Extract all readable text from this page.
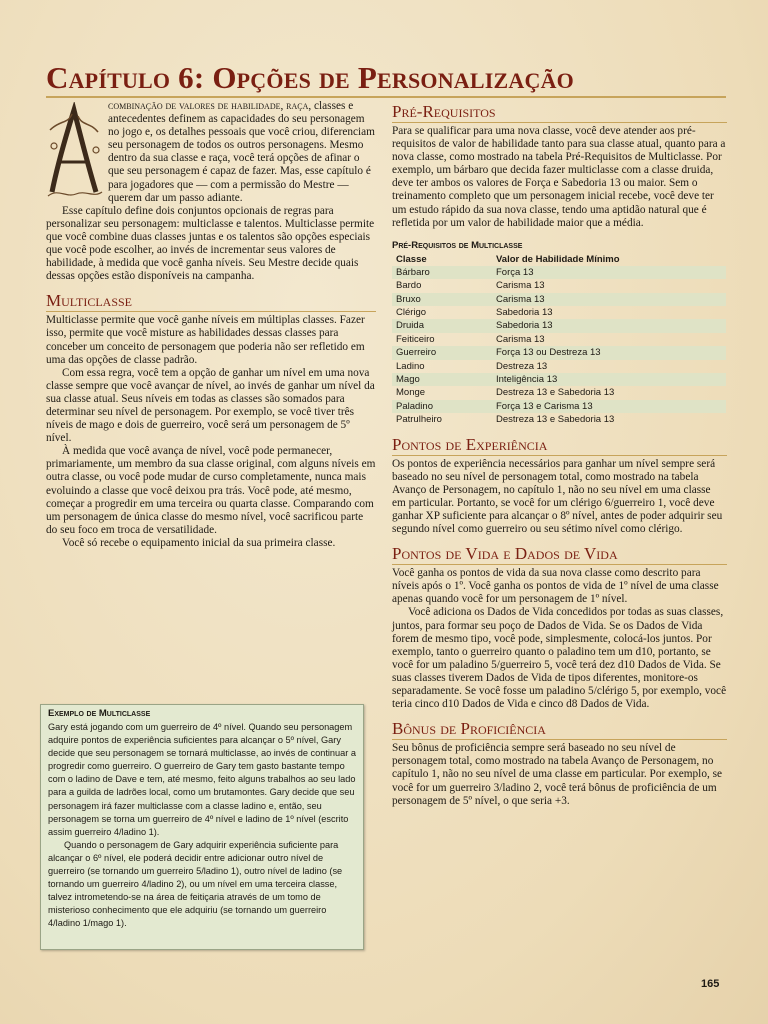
Capítulo 6: Opções de Personalização

combinação de valores de habilidade, raça, classes e antecedentes definem as capacidades do seu personagem no jogo e, os detalhes pessoais que você criou, diferenciam seu personagem de todos os outros personagens. Mesmo dentro da sua classe e raça, você terá opções de afinar o que seu personagem é capaz de fazer. Mas, esse capítulo é para jogadores que — com a permissão do Mestre — querem dar um passo adiante.

Esse capítulo define dois conjuntos opcionais de regras para personalizar seu personagem: multiclasse e talentos. Multiclasse permite que você combine duas classes juntas e os talentos são opções especiais que você pode escolher, ao invés de incrementar seus valores de habilidade, à medida que você ganha níveis. Seu Mestre decide quais dessas opções estão disponíveis na campanha.

Multiclasse

Multiclasse permite que você ganhe níveis em múltiplas classes. Fazer isso, permite que você misture as habilidades dessas classes para conceber um conceito de personagem que poderia não ser refletido em uma das opções de classe padrão.

Com essa regra, você tem a opção de ganhar um nível em uma nova classe sempre que você avançar de nível, ao invés de ganhar um nível da sua classe atual. Seus níveis em todas as classes são somados para determinar seu nível de personagem. Por exemplo, se você tiver três níveis de mago e dois de guerreiro, você será um personagem de 5º nível.

À medida que você avança de nível, você pode permanecer, primariamente, um membro da sua classe original, com alguns níveis em outra classe, ou você pode mudar de curso completamente, nunca mais evoluindo a classe que você deixou pra trás. Você pode, até mesmo, começar a progredir em uma terceira ou quarta classe. Comparando com um personagem de única classe do mesmo nível, você sacrificou parte do seu foco em troca de versatilidade.

Você só recebe o equipamento inicial da sua primeira classe.

Exemplo de Multiclasse

Gary está jogando com um guerreiro de 4º nível. Quando seu personagem adquire pontos de experiência suficientes para alcançar o 5º nível, Gary decide que seu personagem se tornará multiclasse, ao invés de continuar a progredir como guerreiro. O guerreiro de Gary tem gasto bastante tempo com o ladino de Dave e tem, até mesmo, feito alguns trabalhos ao seu lado para a guilda de ladrões local, como um brutamontes. Gary decide que seu personagem irá fazer multiclasse com a classe ladino e, então, seu personagem se torna um guerreiro de 4º nível e ladino de 1º nível (escrito assim guerreiro 4/ladino 1).

Quando o personagem de Gary adquirir experiência suficiente para alcançar o 6º nível, ele poderá decidir entre adicionar outro nível de guerreiro (se tornando um guerreiro 5/ladino 1), outro nível de ladino (se tornando um guerreiro 4/ladino 2), ou um nível em uma terceira classe, talvez intrometendo-se na área de feitiçaria através de um tomo de misterioso conhecimento que ele adquiriu (se tornando um guerreiro 4/ladino 1/mago 1).

Pré-Requisitos

Para se qualificar para uma nova classe, você deve atender aos pré-requisitos de valor de habilidade tanto para sua classe atual, quanto para a nova classe, como mostrado na tabela Pré-Requisitos de Multiclasse. Por exemplo, um bárbaro que decida fazer multiclasse com a classe druida, deve ter ambos os valores de Força e Sabedoria 13 ou maior. Sem o treinamento completo que um personagem inicial recebe, você deve ter um estudo rápido da sua nova classe, tendo uma aptidão natural que é refletida por um valor de habilidade maior que a média.

Pré-Requisitos de Multiclasse
Classe	Valor de Habilidade Mínimo
Bárbaro	Força 13
Bardo	Carisma 13
Bruxo	Carisma 13
Clérigo	Sabedoria 13
Druida	Sabedoria 13
Feiticeiro	Carisma 13
Guerreiro	Força 13 ou Destreza 13
Ladino	Destreza 13
Mago	Inteligência 13
Monge	Destreza 13 e Sabedoria 13
Paladino	Força 13 e Carisma 13
Patrulheiro	Destreza 13 e Sabedoria 13
Pontos de Experiência

Os pontos de experiência necessários para ganhar um nível sempre será baseado no seu nível de personagem total, como mostrado na tabela Avanço de Personagem, no capítulo 1, não no seu nível em uma classe em particular. Portanto, se você for um clérigo 6/guerreiro 1, você deve ganhar XP suficiente para alcançar o 8º nível, antes de poder adquirir seu segundo nível como guerreiro ou seu sétimo nível como clérigo.

Pontos de Vida e Dados de Vida

Você ganha os pontos de vida da sua nova classe como descrito para níveis após o 1º. Você ganha os pontos de vida de 1º nível de uma classe apenas quando você for um personagem de 1º nível.

Você adiciona os Dados de Vida concedidos por todas as suas classes, juntos, para formar seu poço de Dados de Vida. Se os Dados de Vida forem de mesmo tipo, você pode, simplesmente, colocá-los juntos. Por exemplo, tanto o guerreiro quanto o paladino tem um d10, portanto, se você for um paladino 5/guerreiro 5, você terá dez d10 Dados de Vida. Se suas classes tiverem Dados de Vida de tipos diferentes, monitore-os separadamente. Se você fosse um paladino 5/clérigo 5, por exemplo, você teria cinco d10 Dados de Vida e cinco d8 Dados de Vida.

Bônus de Proficiência

Seu bônus de proficiência sempre será baseado no seu nível de personagem total, como mostrado na tabela Avanço de Personagem, no capítulo 1, não no seu nível de uma classe em particular. Por exemplo, se você for um guerreiro 3/ladino 2, você terá bônus de proficiência de um personagem de 5º nível, o que seria +3.

165
